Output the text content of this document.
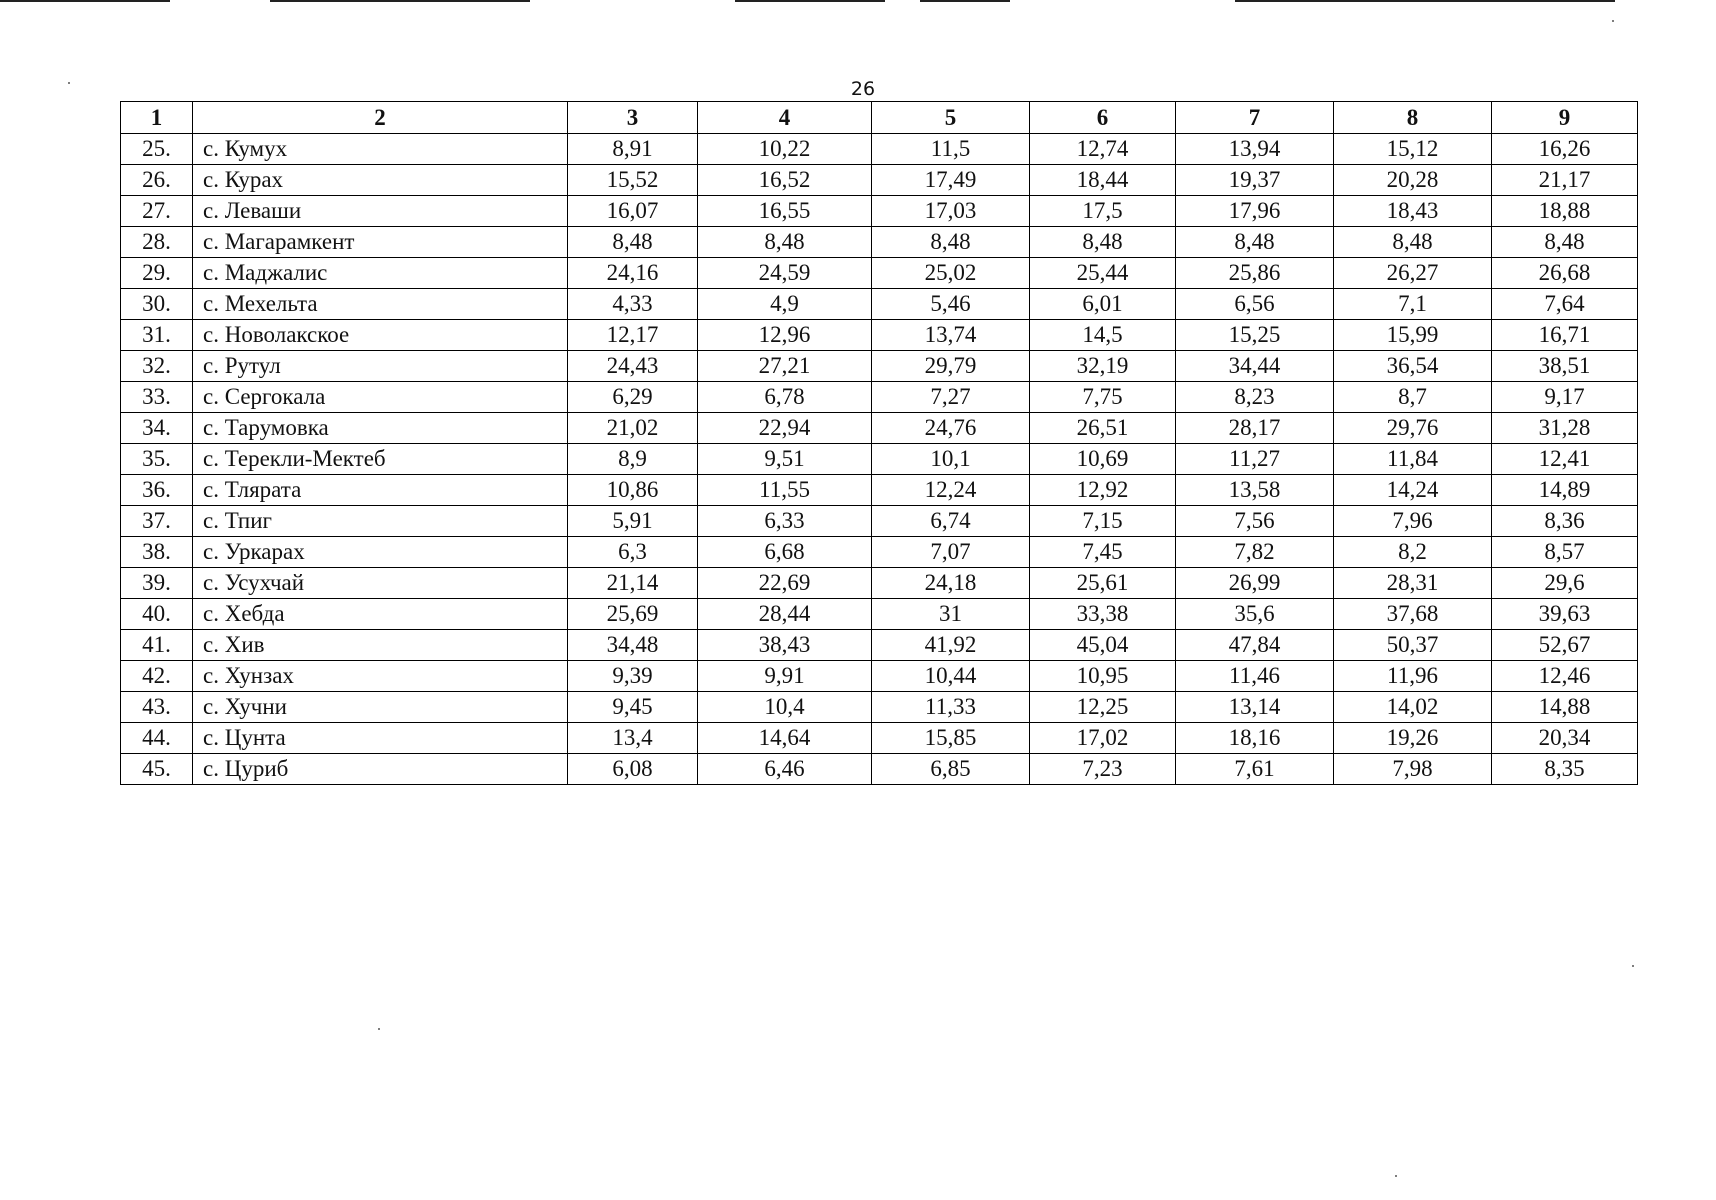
26
1	2	3	4	5	6	7	8	9
25.	с. Кумух	8,91	10,22	11,5	12,74	13,94	15,12	16,26
26.	с. Курах	15,52	16,52	17,49	18,44	19,37	20,28	21,17
27.	с. Леваши	16,07	16,55	17,03	17,5	17,96	18,43	18,88
28.	с. Магарамкент	8,48	8,48	8,48	8,48	8,48	8,48	8,48
29.	с. Маджалис	24,16	24,59	25,02	25,44	25,86	26,27	26,68
30.	с. Мехельта	4,33	4,9	5,46	6,01	6,56	7,1	7,64
31.	с. Новолакское	12,17	12,96	13,74	14,5	15,25	15,99	16,71
32.	с. Рутул	24,43	27,21	29,79	32,19	34,44	36,54	38,51
33.	с. Сергокала	6,29	6,78	7,27	7,75	8,23	8,7	9,17
34.	с. Тарумовка	21,02	22,94	24,76	26,51	28,17	29,76	31,28
35.	с. Терекли-Мектеб	8,9	9,51	10,1	10,69	11,27	11,84	12,41
36.	с. Тлярата	10,86	11,55	12,24	12,92	13,58	14,24	14,89
37.	с. Тпиг	5,91	6,33	6,74	7,15	7,56	7,96	8,36
38.	с. Уркарах	6,3	6,68	7,07	7,45	7,82	8,2	8,57
39.	с. Усухчай	21,14	22,69	24,18	25,61	26,99	28,31	29,6
40.	с. Хебда	25,69	28,44	31	33,38	35,6	37,68	39,63
41.	с. Хив	34,48	38,43	41,92	45,04	47,84	50,37	52,67
42.	с. Хунзах	9,39	9,91	10,44	10,95	11,46	11,96	12,46
43.	с. Хучни	9,45	10,4	11,33	12,25	13,14	14,02	14,88
44.	с. Цунта	13,4	14,64	15,85	17,02	18,16	19,26	20,34
45.	с. Цуриб	6,08	6,46	6,85	7,23	7,61	7,98	8,35
